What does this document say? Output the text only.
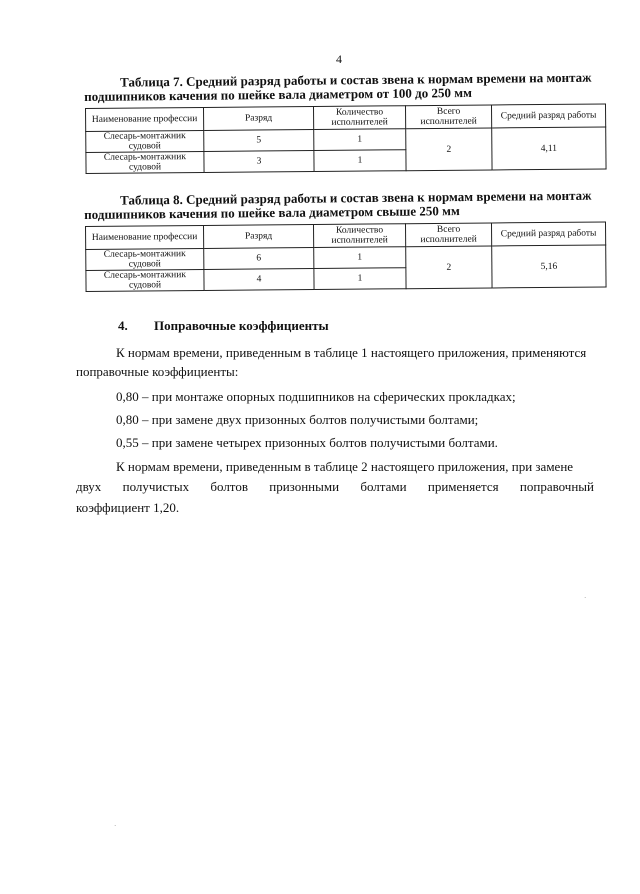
4
Таблица 7. Средний разряд работы и состав звена к нормам времени на монтаж
подшипников качения по шейке вала диаметром от 100 до 250 мм
Наименование профессии	Разряд	Количество исполнителей	Всего исполнителей	Средний разряд работы
Слесарь-монтажник судовой	5	1	2	4,11
Слесарь-монтажник судовой	3	1		
Таблица 8. Средний разряд работы и состав звена к нормам времени на монтаж
подшипников качения по шейке вала диаметром свыше 250 мм
Наименование профессии	Разряд	Количество исполнителей	Всего исполнителей	Средний разряд работы
Слесарь-монтажник судовой	6	1	2	5,16
Слесарь-монтажник судовой	4	1		
4. Поправочные коэффициенты
К нормам времени, приведенным в таблице 1 настоящего приложения, применяются
поправочные коэффициенты:
0,80 – при монтаже опорных подшипников на сферических прокладках;
0,80 – при замене двух призонных болтов получистыми болтами;
0,55 – при замене четырех призонных болтов получистыми болтами.
К нормам времени, приведенным в таблице 2 настоящего приложения, при замене
двух получистых болтов призонными болтами применяется поправочный
коэффициент 1,20.
·
·
